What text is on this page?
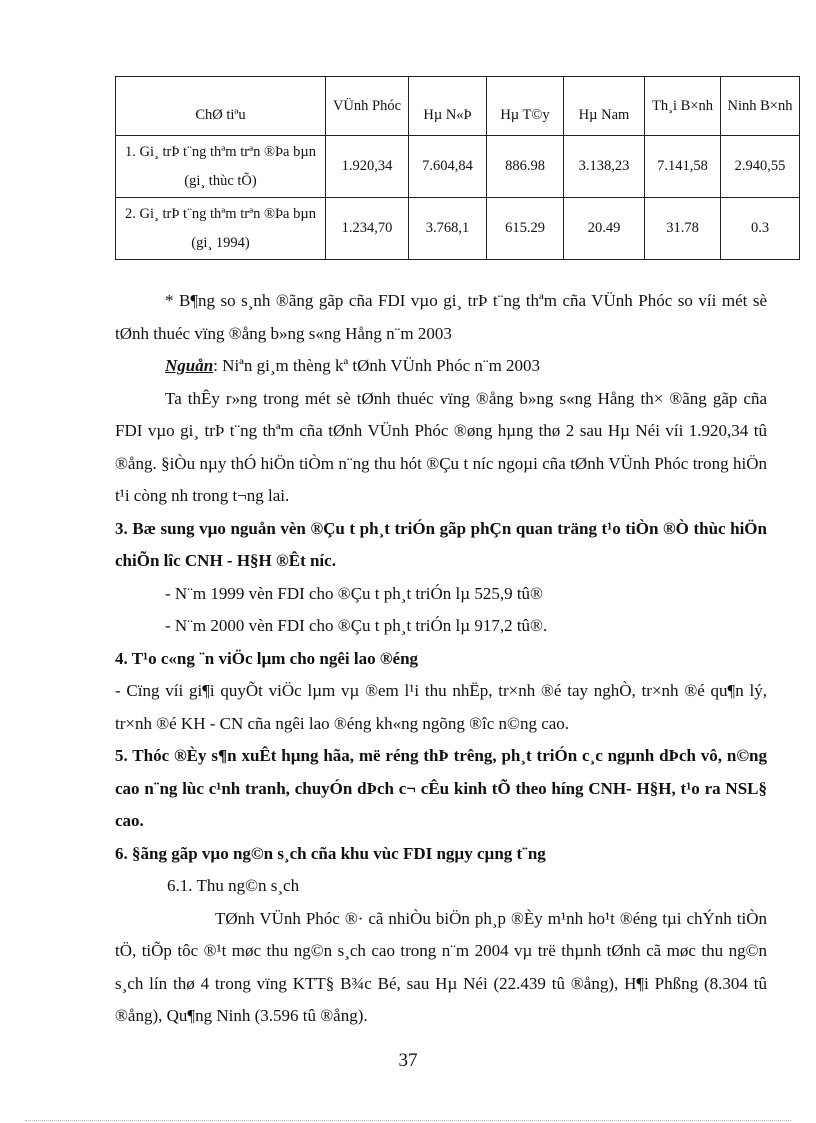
ChØ tiªu	VÜnh Phóc	Hµ N«Þ	Hµ T©y	Hµ Nam	Th¸i B×nh	Ninh B×nh
1. Gi¸ trÞ t¨ng thªm trªn ®Þa bµn (gi¸ thùc tÕ)	1.920,34	7.604,84	886.98	3.138,23	7.141,58	2.940,55
2. Gi¸ trÞ t¨ng thªm trªn ®Þa bµn (gi¸ 1994)	1.234,70	3.768,1	615.29	20.49	31.78	0.3

* B¶ng so s¸nh ®ãng gãp cña FDI vµo gi¸ trÞ t¨ng thªm cña VÜnh Phóc so víi mét sè tØnh thuéc vïng ®ång b»ng s«ng Hång n¨m 2003

Nguån: Niªn gi¸m thèng kª tØnh VÜnh Phóc n¨m 2003

Ta thÊy r»ng trong mét sè tØnh thuéc vïng ®ång b»ng s«ng Hång th× ®ãng gãp cña FDI vµo gi¸ trÞ t¨ng thªm cña tØnh VÜnh Phóc ®øng hµng thø 2 sau Hµ Néi víi 1.920,34 tû ®ång. §iÒu nµy thÓ hiÖn tiÒm n¨ng thu hót ®Çu t níc ngoµi cña tØnh VÜnh Phóc trong hiÖn t¹i còng nh trong t¬ng lai.

3. Bæ sung vµo nguån vèn ®Çu t ph¸t triÓn gãp phÇn quan träng t¹o tiÒn ®Ò thùc hiÖn chiÕn lîc CNH - H§H ®Êt níc.

- N¨m 1999 vèn FDI cho ®Çu t ph¸t triÓn lµ 525,9 tû®

- N¨m 2000 vèn FDI cho ®Çu t ph¸t triÓn lµ 917,2 tû®.

4. T¹o c«ng ¨n viÖc lµm cho ngêi lao ®éng

- Cïng víi gi¶i quyÕt viÖc lµm vµ ®em l¹i thu nhËp, tr×nh ®é tay nghÒ, tr×nh ®é qu¶n lý, tr×nh ®é KH - CN cña ngêi lao ®éng kh«ng ngõng ®îc n©ng cao.

5. Thóc ®Èy s¶n xuÊt hµng hãa, më réng thÞ trêng, ph¸t triÓn c¸c ngµnh dÞch vô, n©ng cao n¨ng lùc c¹nh tranh, chuyÓn dÞch c¬ cÊu kinh tÕ theo híng CNH- H§H, t¹o ra NSL§ cao.

6. §ãng gãp vµo ng©n s¸ch cña khu vùc FDI ngµy cµng t¨ng

6.1. Thu ng©n s¸ch

TØnh VÜnh Phóc ®· cã nhiÒu biÖn ph¸p ®Èy m¹nh ho¹t ®éng tµi chÝnh tiÒn tÖ, tiÕp tôc ®¹t møc thu ng©n s¸ch cao trong n¨m 2004 vµ trë thµnh tØnh cã møc thu ng©n s¸ch lín thø 4 trong vïng KTT§ B¾c Bé, sau Hµ Néi (22.439 tû ®ång), H¶i Phßng (8.304 tû ®ång), Qu¶ng Ninh (3.596 tû ®ång).

37
